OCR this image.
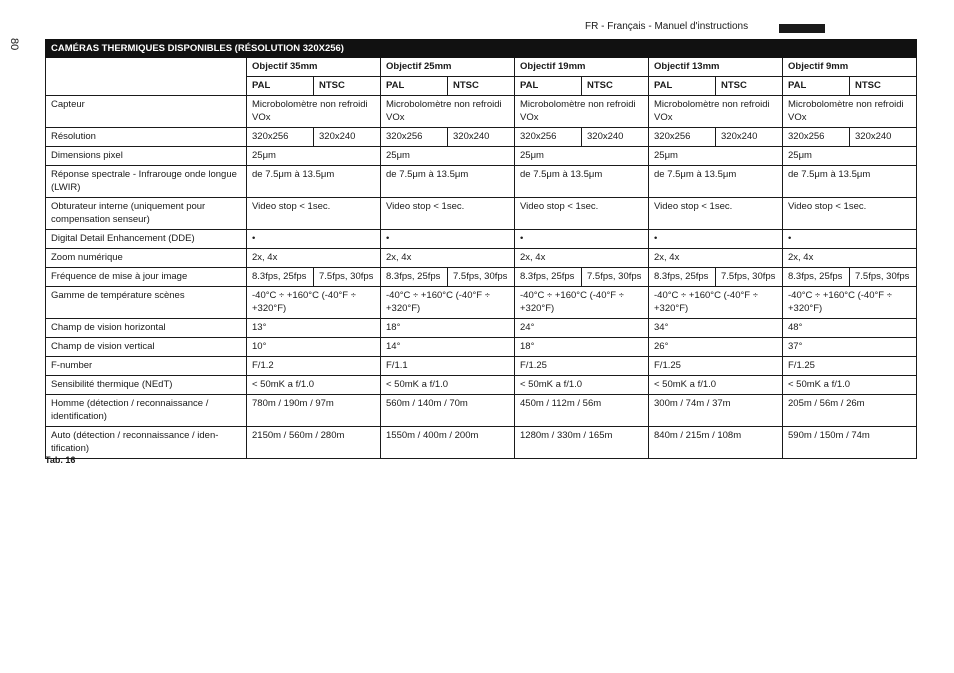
FR - Français - Manuel d'instructions
80	CAMÉRAS THERMIQUES DISPONIBLES (RÉSOLUTION 320X256)										
	Objectif 35mm		Objectif 25mm		Objectif 19mm		Objectif 13mm		Objectif 9mm	
	PAL	NTSC	PAL	NTSC	PAL	NTSC	PAL	NTSC	PAL	NTSC
Capteur	Microbolomètre non refroidi VOx		Microbolomètre non refroidi VOx		Microbolomètre non refroidi VOx		Microbolomètre non refroidi VOx		Microbolomètre non refroidi VOx	
Résolution	320x256	320x240	320x256	320x240	320x256	320x240	320x256	320x240	320x256	320x240
Dimensions pixel	25μm		25μm		25μm		25μm		25μm	
Réponse spectrale - Infrarouge onde longue (LWIR)	de 7.5μm à 13.5μm		de 7.5μm à 13.5μm		de 7.5μm à 13.5μm		de 7.5μm à 13.5μm		de 7.5μm à 13.5μm	
Obturateur interne (uniquement pour compensation senseur)	Video stop < 1sec.		Video stop < 1sec.		Video stop < 1sec.		Video stop < 1sec.		Video stop < 1sec.	
Digital Detail Enhancement (DDE)	•		•		•		•		•	
Zoom numérique	2x, 4x		2x, 4x		2x, 4x		2x, 4x		2x, 4x	
Fréquence de mise à jour image	8.3fps, 25fps	7.5fps, 30fps	8.3fps, 25fps	7.5fps, 30fps	8.3fps, 25fps	7.5fps, 30fps	8.3fps, 25fps	7.5fps, 30fps	8.3fps, 25fps	7.5fps, 30fps
Gamme de température scènes	-40°C ÷ +160°C (-40°F ÷ +320°F)		-40°C ÷ +160°C (-40°F ÷ +320°F)		-40°C ÷ +160°C (-40°F ÷ +320°F)		-40°C ÷ +160°C (-40°F ÷ +320°F)		-40°C ÷ +160°C (-40°F ÷ +320°F)	
Champ de vision horizontal	13°		18°		24°		34°		48°	
Champ de vision vertical	10°		14°		18°		26°		37°	
F-number	F/1.2		F/1.1		F/1.25		F/1.25		F/1.25	
Sensibilité thermique (NEdT)	< 50mK a f/1.0		< 50mK a f/1.0		< 50mK a f/1.0		< 50mK a f/1.0		< 50mK a f/1.0	
Homme (détection / reconnaissance / identification)	780m / 190m / 97m		560m / 140m / 70m		450m / 112m / 56m		300m / 74m / 37m		205m / 56m / 26m	
Auto (détection / reconnaissance / iden-tification)	2150m / 560m / 280m		1550m / 400m / 200m		1280m / 330m / 165m		840m / 215m / 108m		590m / 150m / 74m	
Tab. 16
